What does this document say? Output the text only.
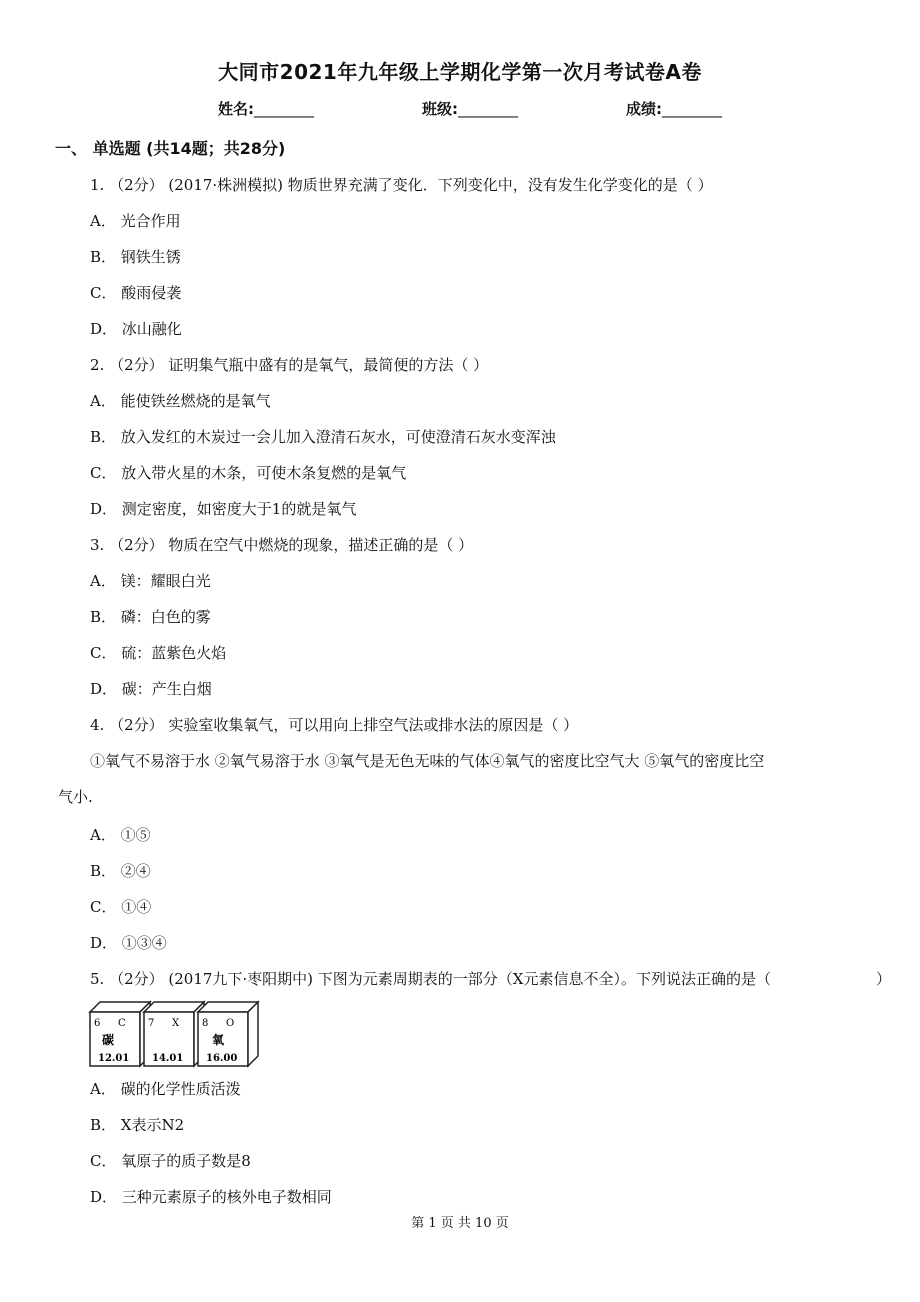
大同市2021年九年级上学期化学第一次月考试卷A卷
姓名:________	班级:________	成绩:________
一、 单选题 (共14题；共28分)
1. （2分） (2017·株洲模拟) 物质世界充满了变化．下列变化中，没有发生化学变化的是（ ）
A． 光合作用
B． 钢铁生锈
C． 酸雨侵袭
D． 冰山融化
2. （2分） 证明集气瓶中盛有的是氧气，最简便的方法（ ）
A． 能使铁丝燃烧的是氧气
B． 放入发红的木炭过一会儿加入澄清石灰水，可使澄清石灰水变浑浊
C． 放入带火星的木条，可使木条复燃的是氧气
D． 测定密度，如密度大于1的就是氧气
3. （2分） 物质在空气中燃烧的现象，描述正确的是（ ）
A． 镁：耀眼白光
B． 磷：白色的雾
C． 硫：蓝紫色火焰
D． 碳：产生白烟
4. （2分） 实验室收集氧气，可以用向上排空气法或排水法的原因是（ ）
①氧气不易溶于水 ②氧气易溶于水 ③氧气是无色无味的气体④氧气的密度比空气大 ⑤氧气的密度比空
气小.
A． ①⑤
B． ②④
C． ①④
D． ①③④
5. （2分） (2017九下·枣阳期中) 下图为元素周期表的一部分（X元素信息不全）。下列说法正确的是（	）
6 C
碳
12.01
7 X
14.01
8 O
氧
16.00
A． 碳的化学性质活泼
B． X表示N2
C． 氧原子的质子数是8
D． 三种元素原子的核外电子数相同
第 1 页 共 10 页
